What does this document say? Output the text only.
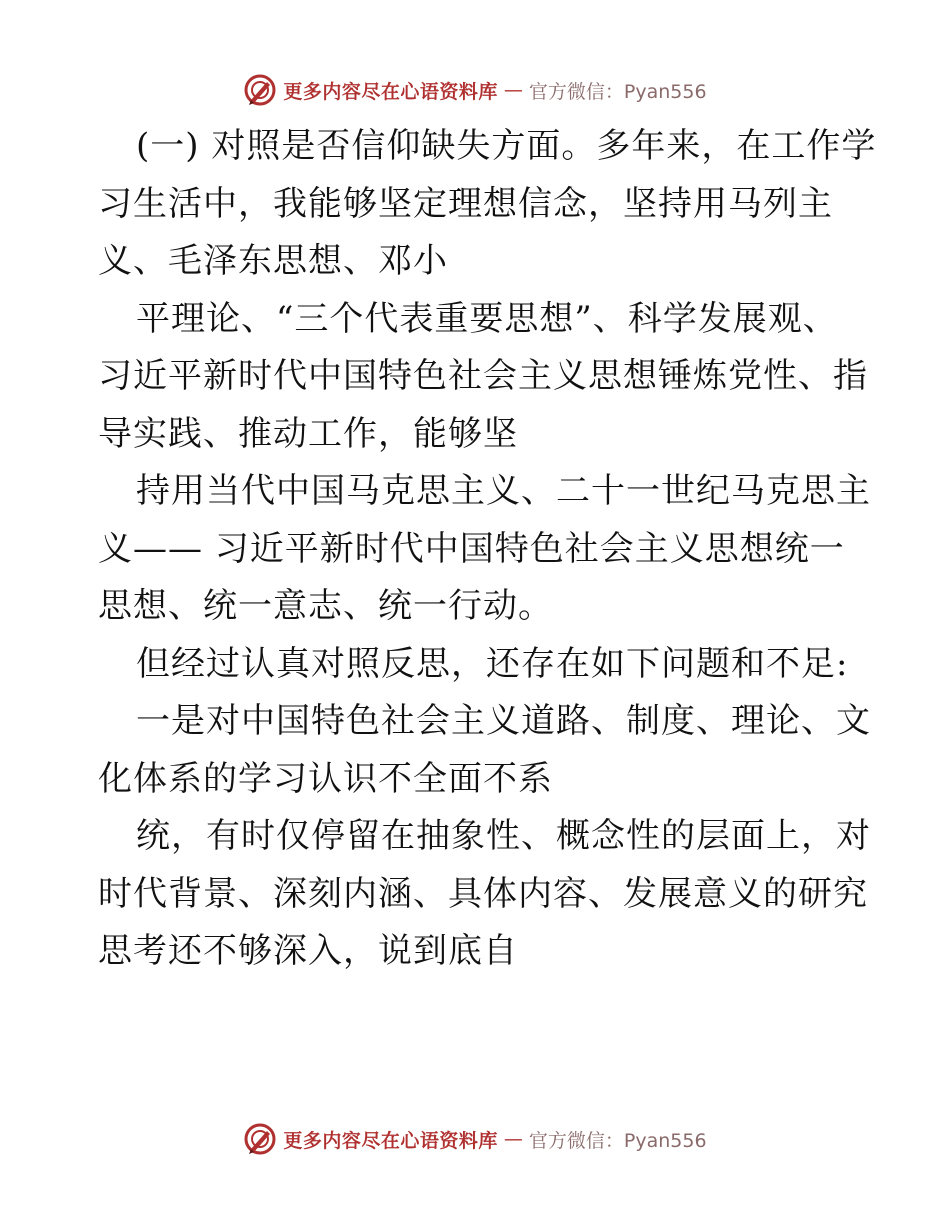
更多内容尽在心语资料库 — 官方微信：Pyan556
(一) 对照是否信仰缺失方面。多年来，在工作学
习生活中，我能够坚定理想信念，坚持用马列主
义、毛泽东思想、邓小
平理论、“三个代表重要思想”、科学发展观、
习近平新时代中国特色社会主义思想锤炼党性、指
导实践、推动工作，能够坚
持用当代中国马克思主义、二十一世纪马克思主
义—— 习近平新时代中国特色社会主义思想统一
思想、统一意志、统一行动。
但经过认真对照反思，还存在如下问题和不足:
一是对中国特色社会主义道路、制度、理论、文
化体系的学习认识不全面不系
统，有时仅停留在抽象性、概念性的层面上，对
时代背景、深刻内涵、具体内容、发展意义的研究
思考还不够深入，说到底自
更多内容尽在心语资料库 — 官方微信：Pyan556
